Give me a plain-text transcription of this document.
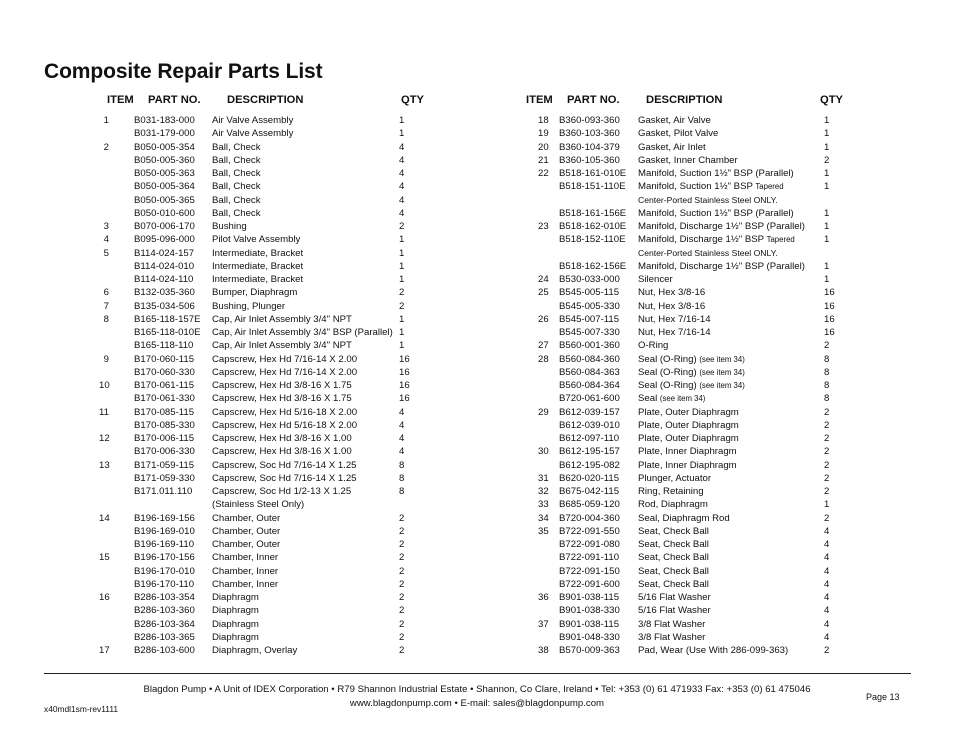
Composite Repair Parts List
ITEM PART NO. DESCRIPTION	QTY	ITEM PART NO. DESCRIPTION	QTY
1	B031-183-000 Air Valve Assembly	1
B031-179-000 Air Valve Assembly	1
2	B050-005-354 Ball, Check	4
B050-005-360 Ball, Check	4
B050-005-363 Ball, Check	4
B050-005-364 Ball, Check	4
B050-005-365 Ball, Check	4
B050-010-600 Ball, Check	4
3	B070-006-170 Bushing	2
4	B095-096-000 Pilot Valve Assembly	1
5	B114-024-157 Intermediate, Bracket	1
B114-024-010 Intermediate, Bracket	1
B114-024-110 Intermediate, Bracket	1
6	B132-035-360 Bumper, Diaphragm	2
7	B135-034-506 Bushing, Plunger	2
8	B165-118-157E Cap, Air Inlet Assembly 3/4" NPT	1
B165-118-010E Cap, Air Inlet Assembly 3/4" BSP (Parallel) 1
B165-118-110 Cap, Air Inlet Assembly 3/4" NPT	1
9	B170-060-115 Capscrew, Hex Hd 7/16-14 X 2.00	16
B170-060-330 Capscrew, Hex Hd 7/16-14 X 2.00	16
10	B170-061-115 Capscrew, Hex Hd 3/8-16 X 1.75	16
B170-061-330 Capscrew, Hex Hd 3/8-16 X 1.75	16
11	B170-085-115 Capscrew, Hex Hd 5/16-18 X 2.00	4
B170-085-330 Capscrew, Hex Hd 5/16-18 X 2.00	4
12	B170-006-115 Capscrew, Hex Hd 3/8-16 X 1.00	4
B170-006-330 Capscrew, Hex Hd 3/8-16 X 1.00	4
13	B171-059-115 Capscrew, Soc Hd 7/16-14 X 1.25	8
B171-059-330 Capscrew, Soc Hd 7/16-14 X 1.25	8
B171.011.110 Capscrew, Soc Hd 1/2-13 X 1.25	8
(Stainless Steel Only)
14	B196-169-156 Chamber, Outer	2
B196-169-010 Chamber, Outer	2
B196-169-110 Chamber, Outer	2
15	B196-170-156 Chamber, Inner	2
B196-170-010 Chamber, Inner	2
B196-170-110 Chamber, Inner	2
16	B286-103-354 Diaphragm	2
B286-103-360 Diaphragm	2
B286-103-364 Diaphragm	2
B286-103-365 Diaphragm	2
17	B286-103-600 Diaphragm, Overlay	2
18 B360-093-360 Gasket, Air Valve	1
19 B360-103-360 Gasket, Pilot Valve	1
20 B360-104-379 Gasket, Air Inlet	1
21 B360-105-360 Gasket, Inner Chamber	2
22 B518-161-010E Manifold, Suction 1½" BSP (Parallel)	1
B518-151-110E Manifold, Suction 1½" BSP Tapered	1
Center-Ported Stainless Steel ONLY.
B518-161-156E Manifold, Suction 1½" BSP (Parallel)	1
23 B518-162-010E Manifold, Discharge 1½" BSP (Parallel) 1
B518-152-110E Manifold, Discharge 1½" BSP Tapered	1
Center-Ported Stainless Steel ONLY.
B518-162-156E Manifold, Discharge 1½" BSP (Parallel) 1
24 B530-033-000 Silencer	1
25 B545-005-115 Nut, Hex 3/8-16	16
B545-005-330 Nut, Hex 3/8-16	16
26 B545-007-115 Nut, Hex 7/16-14	16
B545-007-330 Nut, Hex 7/16-14	16
27 B560-001-360 O-Ring	2
28 B560-084-360 Seal (O-Ring) (see item 34)	8
B560-084-363 Seal (O-Ring) (see item 34)	8
B560-084-364 Seal (O-Ring) (see item 34)	8
B720-061-600 Seal (see item 34)	8
29 B612-039-157 Plate, Outer Diaphragm	2
B612-039-010 Plate, Outer Diaphragm	2
B612-097-110 Plate, Outer Diaphragm	2
30 B612-195-157 Plate, Inner Diaphragm	2
B612-195-082 Plate, Inner Diaphragm	2
31 B620-020-115 Plunger, Actuator	2
32 B675-042-115 Ring, Retaining	2
33 B685-059-120 Rod, Diaphragm	1
34 B720-004-360 Seal, Diaphragm Rod	2
35 B722-091-550 Seat, Check Ball	4
B722-091-080 Seat, Check Ball	4
B722-091-110 Seat, Check Ball	4
B722-091-150 Seat, Check Ball	4
B722-091-600 Seat, Check Ball	4
36 B901-038-115 5/16 Flat Washer	4
B901-038-330 5/16 Flat Washer	4
37 B901-038-115 3/8 Flat Washer	4
B901-048-330 3/8 Flat Washer	4
38 B570-009-363 Pad, Wear (Use With 286-099-363)	2
Blagdon Pump • A Unit of IDEX Corporation • R79 Shannon Industrial Estate • Shannon, Co Clare, Ireland • Tel: +353 (0) 61 471933 Fax: +353 (0) 61 475046
www.blagdonpump.com • E-mail: sales@blagdonpump.com
Page 13
x40mdl1sm-rev1111
